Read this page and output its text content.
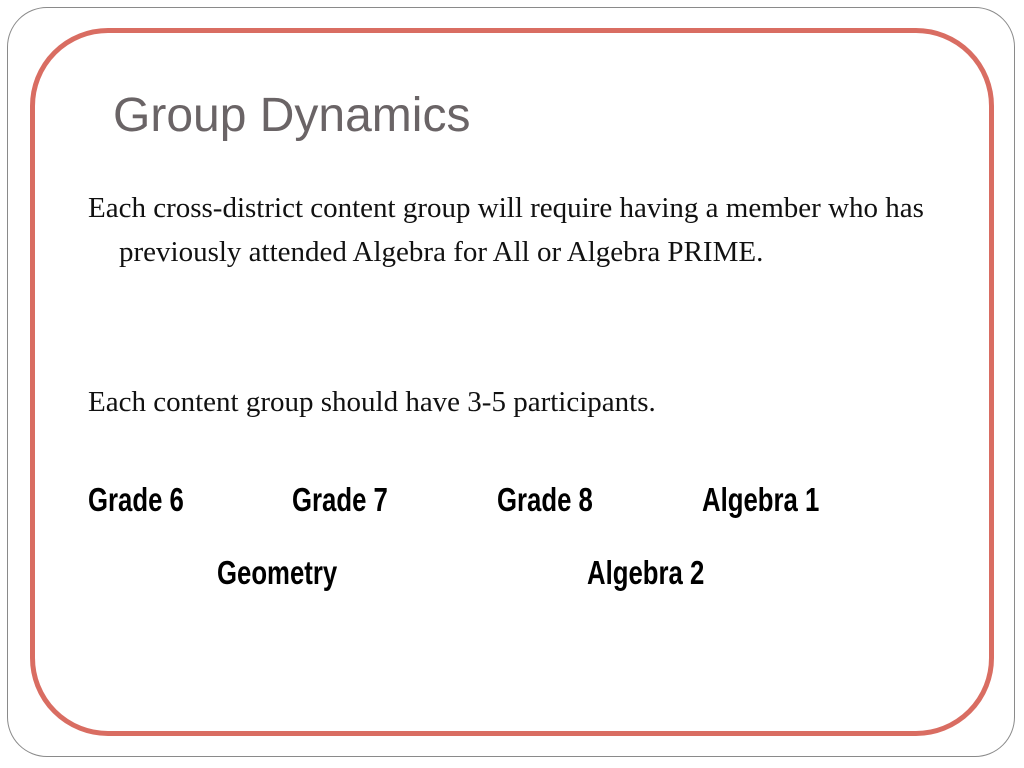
Group Dynamics

Each cross-district content group will require having a member who has previously attended Algebra for All or Algebra PRIME.

Each content group should have 3-5 participants.

Grade 6	Grade 7	Grade 8	Algebra 1
Geometry	Algebra 2
